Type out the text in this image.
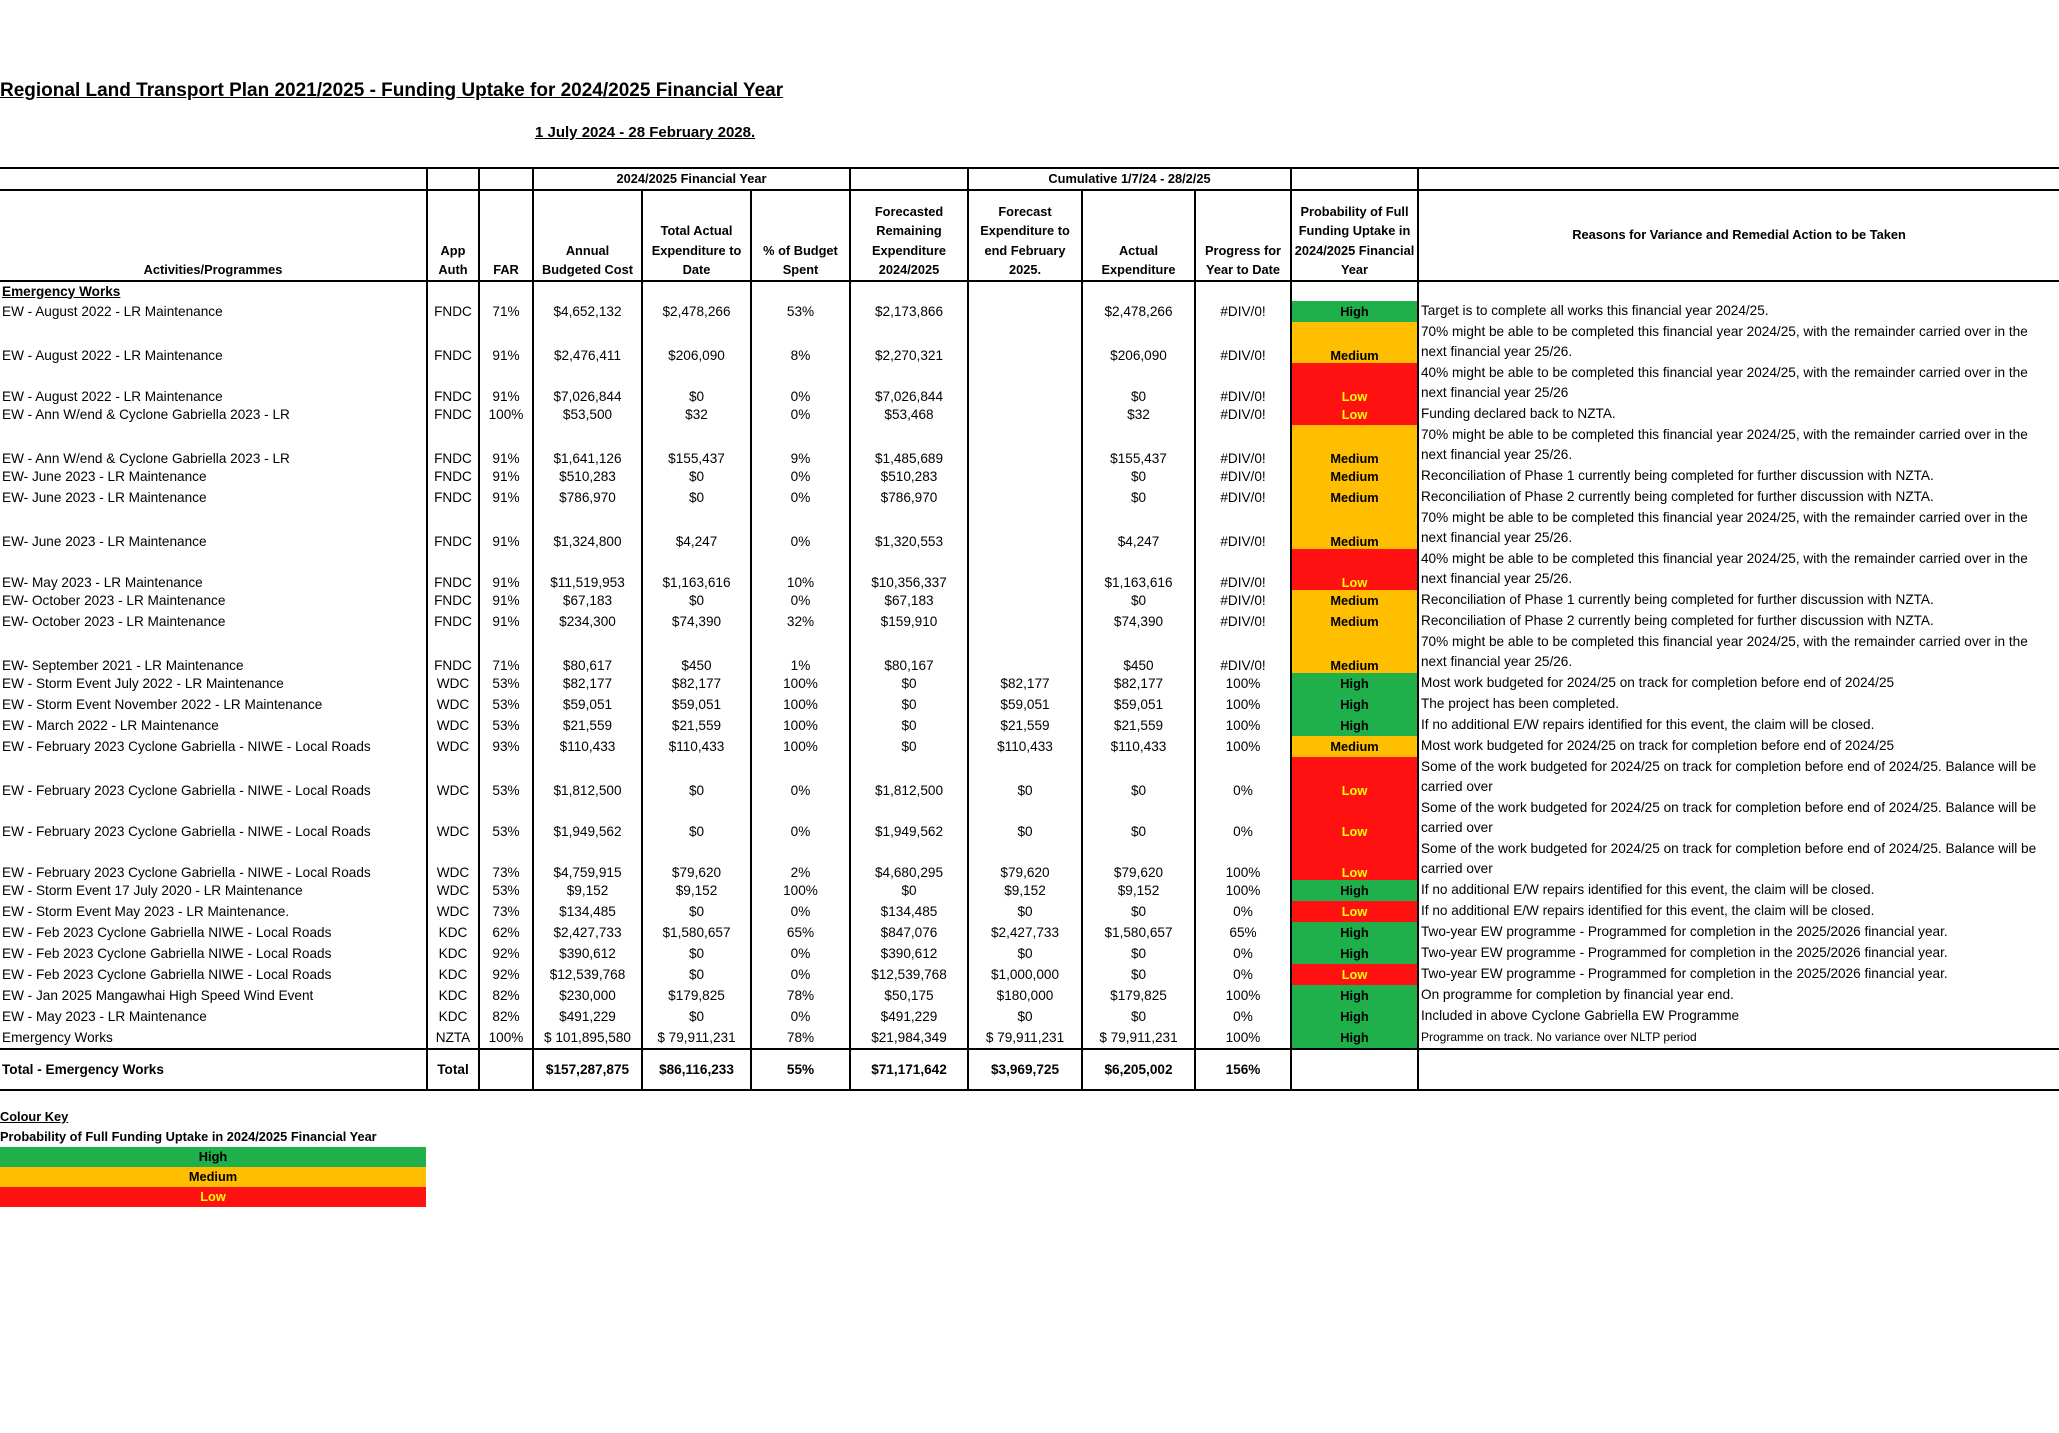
Regional Land Transport Plan 2021/2025 - Funding Uptake for 2024/2025 Financial Year
1 July 2024 - 28 February 2028.
			2024/2025 Financial Year				Cumulative 1/7/24 - 28/2/25				
Activities/Programmes	App Auth	FAR	Annual Budgeted Cost	Total Actual Expenditure to Date	% of Budget Spent	Forecasted Remaining Expenditure 2024/2025	Forecast Expenditure to end February 2025.	Actual Expenditure	Progress for Year to Date	Probability of Full Funding Uptake in 2024/2025 Financial Year	Reasons for Variance and Remedial Action to be Taken
Emergency Works											
EW - August 2022 - LR Maintenance	FNDC	71%	$4,652,132	$2,478,266	53%	$2,173,866		$2,478,266	#DIV/0!	High	Target is to complete all works this financial year 2024/25.
EW - August 2022 - LR Maintenance	FNDC	91%	$2,476,411	$206,090	8%	$2,270,321		$206,090	#DIV/0!	Medium	70% might be able to be completed this financial year 2024/25, with the remainder carried over in the next financial year 25/26.
EW - August 2022 - LR Maintenance	FNDC	91%	$7,026,844	$0	0%	$7,026,844		$0	#DIV/0!	Low	40% might be able to be completed this financial year 2024/25, with the remainder carried over in the next financial year 25/26
EW - Ann W/end & Cyclone Gabriella 2023 - LR	FNDC	100%	$53,500	$32	0%	$53,468		$32	#DIV/0!	Low	Funding declared back to NZTA.
EW - Ann W/end & Cyclone Gabriella 2023 - LR	FNDC	91%	$1,641,126	$155,437	9%	$1,485,689		$155,437	#DIV/0!	Medium	70% might be able to be completed this financial year 2024/25, with the remainder carried over in the next financial year 25/26.
EW- June 2023 - LR Maintenance	FNDC	91%	$510,283	$0	0%	$510,283		$0	#DIV/0!	Medium	Reconciliation of Phase 1 currently being completed for further discussion with NZTA.
EW- June 2023 - LR Maintenance	FNDC	91%	$786,970	$0	0%	$786,970		$0	#DIV/0!	Medium	Reconciliation of Phase 2 currently being completed for further discussion with NZTA.
EW- June 2023 - LR Maintenance	FNDC	91%	$1,324,800	$4,247	0%	$1,320,553		$4,247	#DIV/0!	Medium	70% might be able to be completed this financial year 2024/25, with the remainder carried over in the next financial year 25/26.
EW- May 2023 - LR Maintenance	FNDC	91%	$11,519,953	$1,163,616	10%	$10,356,337		$1,163,616	#DIV/0!	Low	40% might be able to be completed this financial year 2024/25, with the remainder carried over in the next financial year 25/26.
EW- October 2023 - LR Maintenance	FNDC	91%	$67,183	$0	0%	$67,183		$0	#DIV/0!	Medium	Reconciliation of Phase 1 currently being completed for further discussion with NZTA.
EW- October 2023 - LR Maintenance	FNDC	91%	$234,300	$74,390	32%	$159,910		$74,390	#DIV/0!	Medium	Reconciliation of Phase 2 currently being completed for further discussion with NZTA.
EW- September 2021 - LR Maintenance	FNDC	71%	$80,617	$450	1%	$80,167		$450	#DIV/0!	Medium	70% might be able to be completed this financial year 2024/25, with the remainder carried over in the next financial year 25/26.
EW - Storm Event July 2022 - LR Maintenance	WDC	53%	$82,177	$82,177	100%	$0	$82,177	$82,177	100%	High	Most work budgeted for 2024/25 on track for completion before end of 2024/25
EW - Storm Event November 2022 - LR Maintenance	WDC	53%	$59,051	$59,051	100%	$0	$59,051	$59,051	100%	High	The project has been completed.
EW - March 2022 - LR Maintenance	WDC	53%	$21,559	$21,559	100%	$0	$21,559	$21,559	100%	High	If no additional E/W repairs identified for this event, the claim will be closed.
EW - February 2023 Cyclone Gabriella - NIWE - Local Roads	WDC	93%	$110,433	$110,433	100%	$0	$110,433	$110,433	100%	Medium	Most work budgeted for 2024/25 on track for completion before end of 2024/25
EW - February 2023 Cyclone Gabriella - NIWE - Local Roads	WDC	53%	$1,812,500	$0	0%	$1,812,500	$0	$0	0%	Low	Some of the work budgeted for 2024/25 on track for completion before end of 2024/25. Balance will be carried over
EW - February 2023 Cyclone Gabriella - NIWE - Local Roads	WDC	53%	$1,949,562	$0	0%	$1,949,562	$0	$0	0%	Low	Some of the work budgeted for 2024/25 on track for completion before end of 2024/25. Balance will be carried over
EW - February 2023 Cyclone Gabriella - NIWE - Local Roads	WDC	73%	$4,759,915	$79,620	2%	$4,680,295	$79,620	$79,620	100%	Low	Some of the work budgeted for 2024/25 on track for completion before end of 2024/25. Balance will be carried over
EW - Storm Event 17 July 2020 - LR Maintenance	WDC	53%	$9,152	$9,152	100%	$0	$9,152	$9,152	100%	High	If no additional E/W repairs identified for this event, the claim will be closed.
EW - Storm Event May 2023 - LR Maintenance.	WDC	73%	$134,485	$0	0%	$134,485	$0	$0	0%	Low	If no additional E/W repairs identified for this event, the claim will be closed.
EW - Feb 2023 Cyclone Gabriella NIWE - Local Roads	KDC	62%	$2,427,733	$1,580,657	65%	$847,076	$2,427,733	$1,580,657	65%	High	Two-year EW programme - Programmed for completion in the 2025/2026 financial year.
EW - Feb 2023 Cyclone Gabriella NIWE - Local Roads	KDC	92%	$390,612	$0	0%	$390,612	$0	$0	0%	High	Two-year EW programme - Programmed for completion in the 2025/2026 financial year.
EW - Feb 2023 Cyclone Gabriella NIWE - Local Roads	KDC	92%	$12,539,768	$0	0%	$12,539,768	$1,000,000	$0	0%	Low	Two-year EW programme - Programmed for completion in the 2025/2026 financial year.
EW - Jan 2025 Mangawhai High Speed Wind Event	KDC	82%	$230,000	$179,825	78%	$50,175	$180,000	$179,825	100%	High	On programme for completion by financial year end.
EW - May 2023 - LR Maintenance	KDC	82%	$491,229	$0	0%	$491,229	$0	$0	0%	High	Included in above Cyclone Gabriella EW Programme
Emergency Works	NZTA	100%	$ 101,895,580	$ 79,911,231	78%	$21,984,349	$ 79,911,231	$ 79,911,231	100%	High	Programme on track. No variance over NLTP period
Total - Emergency Works	Total		$157,287,875	$86,116,233	55%	$71,171,642	$3,969,725	$6,205,002	156%		
Colour Key
Probability of Full Funding Uptake in 2024/2025 Financial Year
High
Medium
Low
